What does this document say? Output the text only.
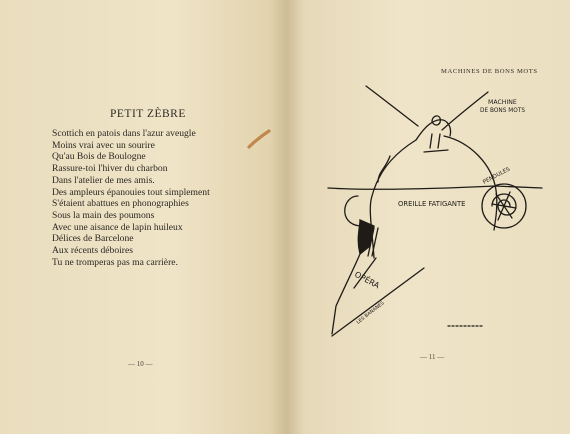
PETIT ZÈBRE
Scottich en patois dans l'azur aveugle
Moins vrai avec un sourire
Qu'au Bois de Boulogne
Rassure-toi l'hiver du charbon
Dans l'atelier de mes amis.
Des ampleurs épanouies tout simplement
S'étaient abattues en phonographies
Sous la main des poumons
Avec une aisance de lapin huileux
Délices de Barcelone
Aux récents déboires
Tu ne tromperas pas ma carrière.
— 10 —
MACHINES DE BONS MOTS
— 11 —
MACHINE
DE BONS MOTS
OREILLE FATIGANTE
PENDULES
OPÉRA
LES BANANES
